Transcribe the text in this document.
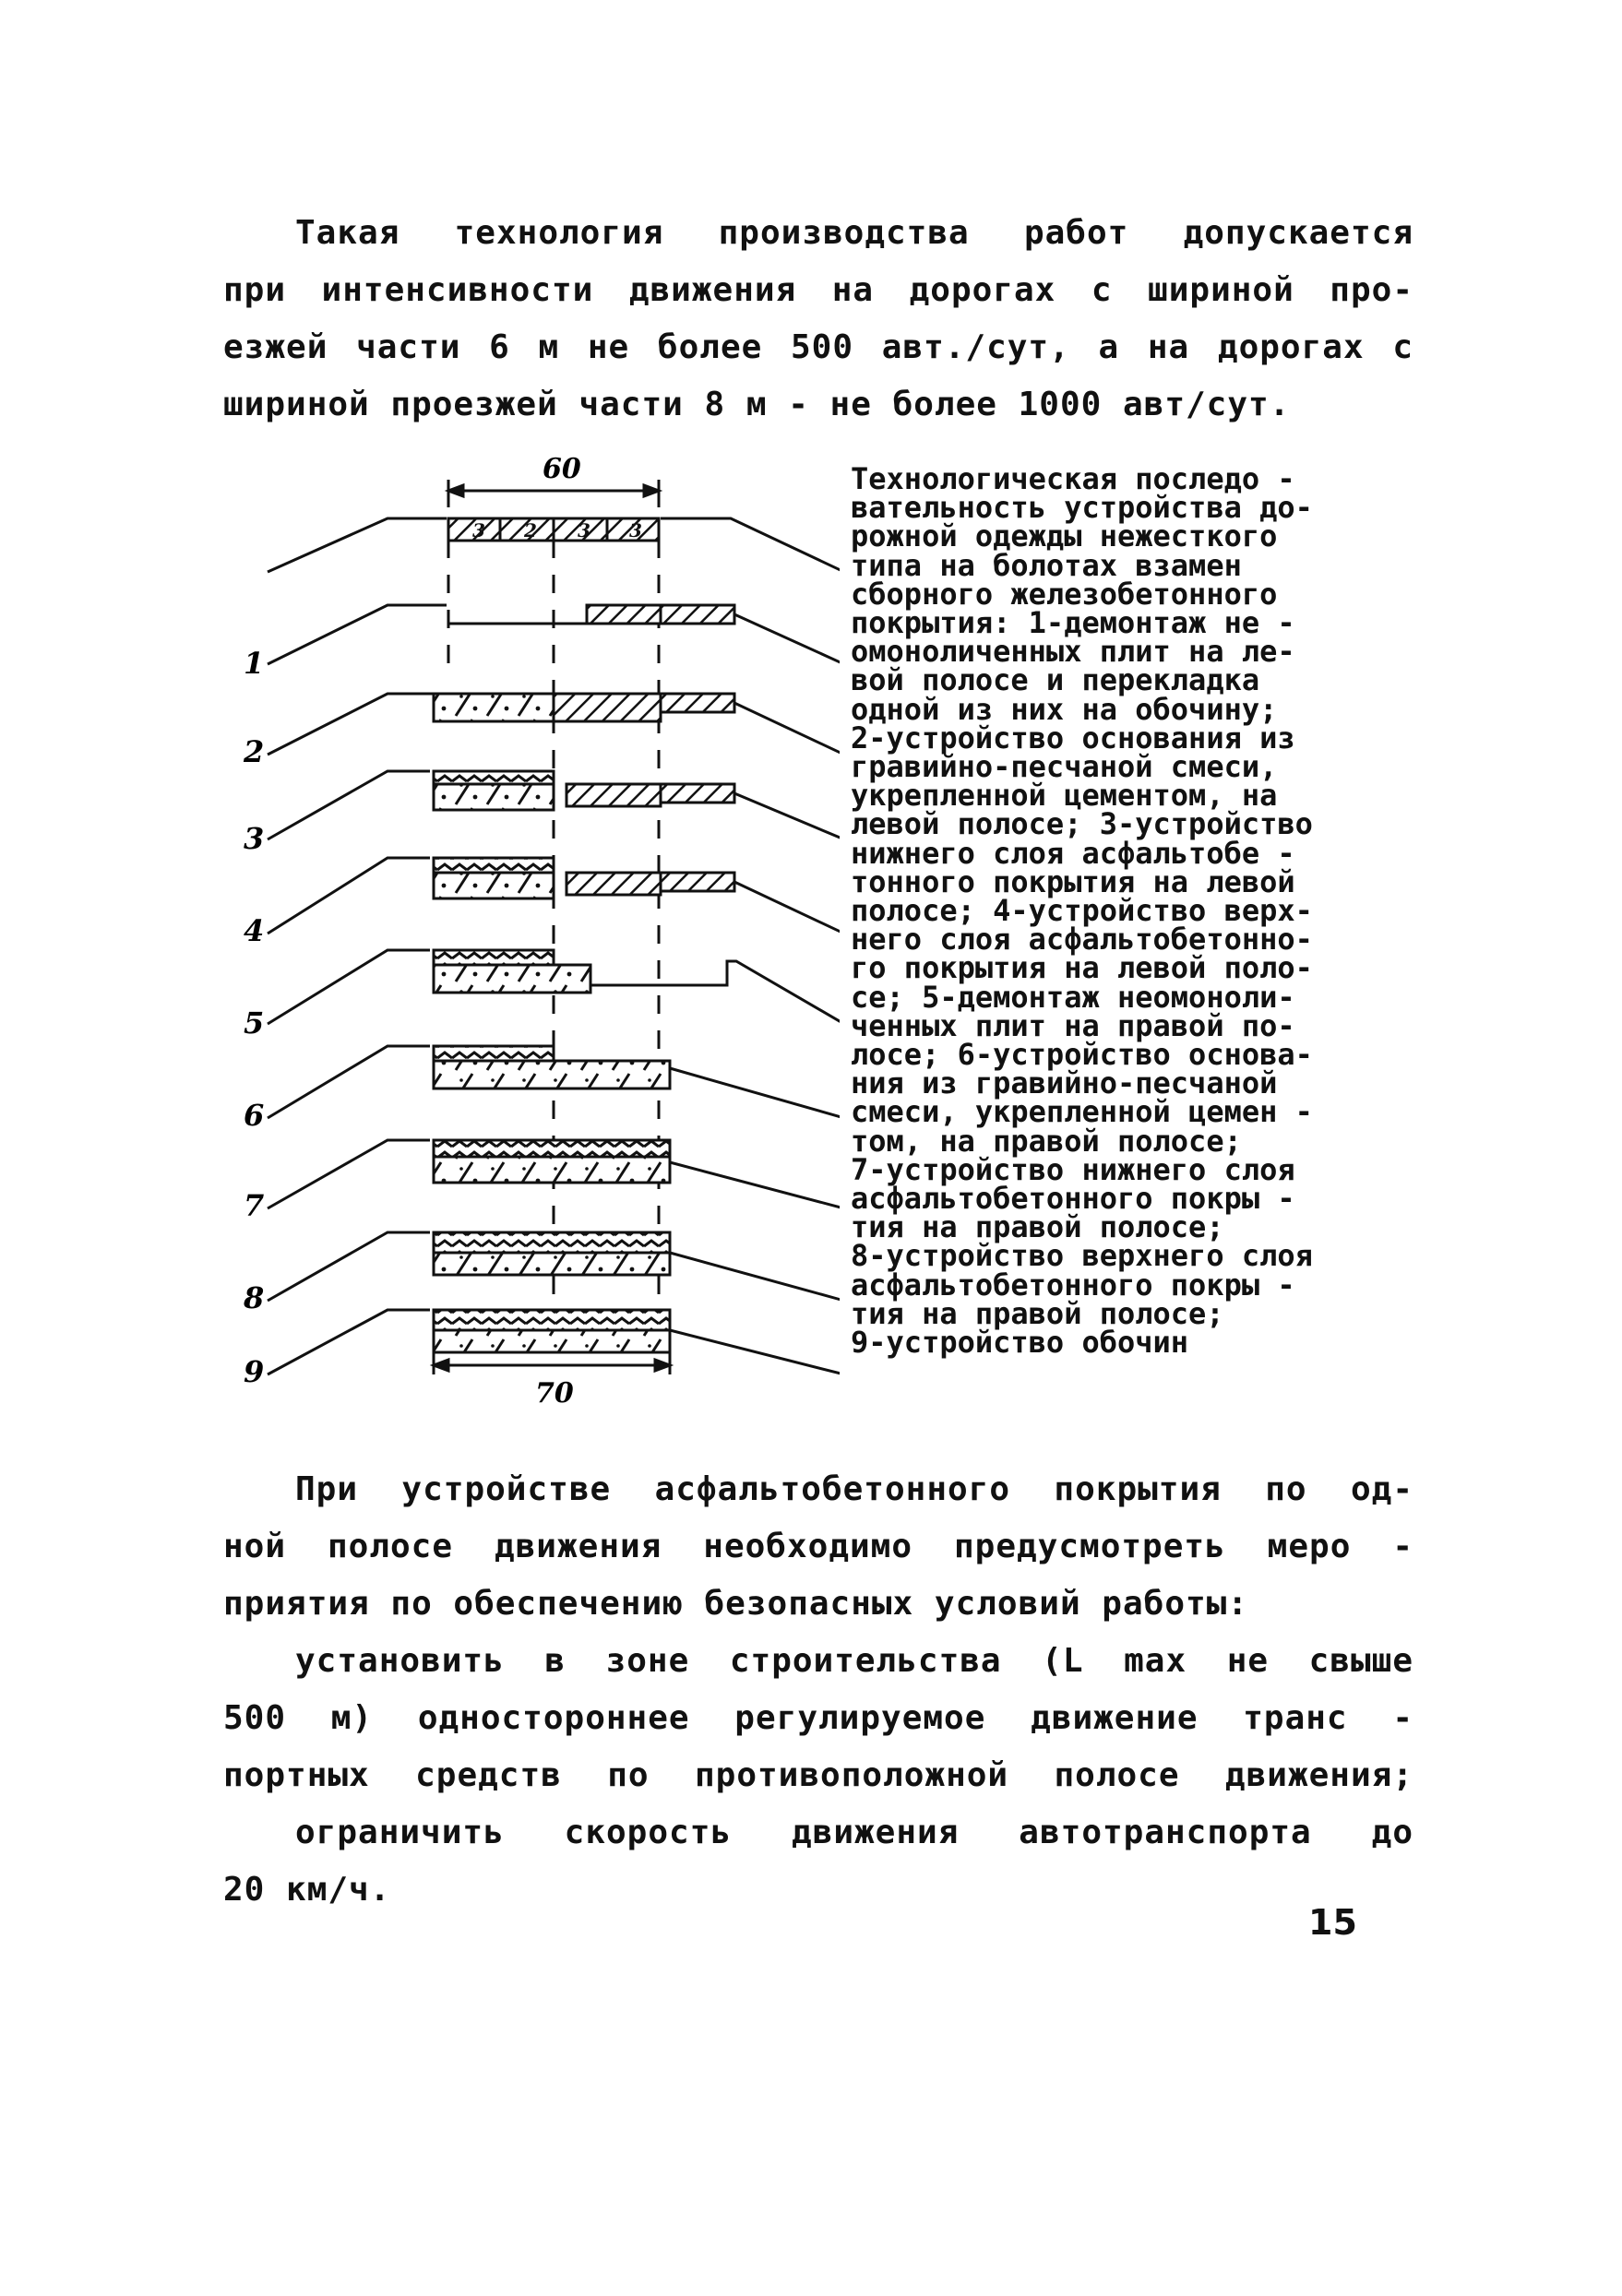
Такая технология производства работ допускается
при интенсивности движения на дорогах с шириной про-
езжей части 6 м не более 500 авт./сут, а на дорогах с
шириной проезжей части 8 м - не более 1000 авт/сут.
60
3 2 3 3
1
2
3
4
5
6
7
8
9
70
Технологическая последо -
вательность устройства до-
рожной одежды нежесткого
типа на болотах взамен
сборного железобетонного
покрытия: 1-демонтаж не -
омоноличенных плит на ле-
вой полосе и перекладка
одной из них на обочину;
2-устройство основания из
гравийно-песчаной смеси,
укрепленной цементом, на
левой полосе; 3-устройство
нижнего слоя асфальтобе -
тонного покрытия на левой
полосе; 4-устройство верх-
него слоя асфальтобетонно-
го покрытия на левой поло-
се; 5-демонтаж неомоноли-
ченных плит на правой по-
лосе; 6-устройство основа-
ния из гравийно-песчаной
смеси, укрепленной цемен -
том, на правой полосе;
7-устройство нижнего слоя
асфальтобетонного покры -
тия на правой полосе;
8-устройство верхнего слоя
асфальтобетонного покры -
тия на правой полосе;
9-устройство обочин
При устройстве асфальтобетонного покрытия по од-
ной полосе движения необходимо предусмотреть меро -
приятия по обеспечению безопасных условий работы:
установить в зоне строительства (L max не свыше
500 м) одностороннее регулируемое движение транс -
портных средств по противоположной полосе движения;
ограничить скорость движения автотранспорта до
20 км/ч.
15
